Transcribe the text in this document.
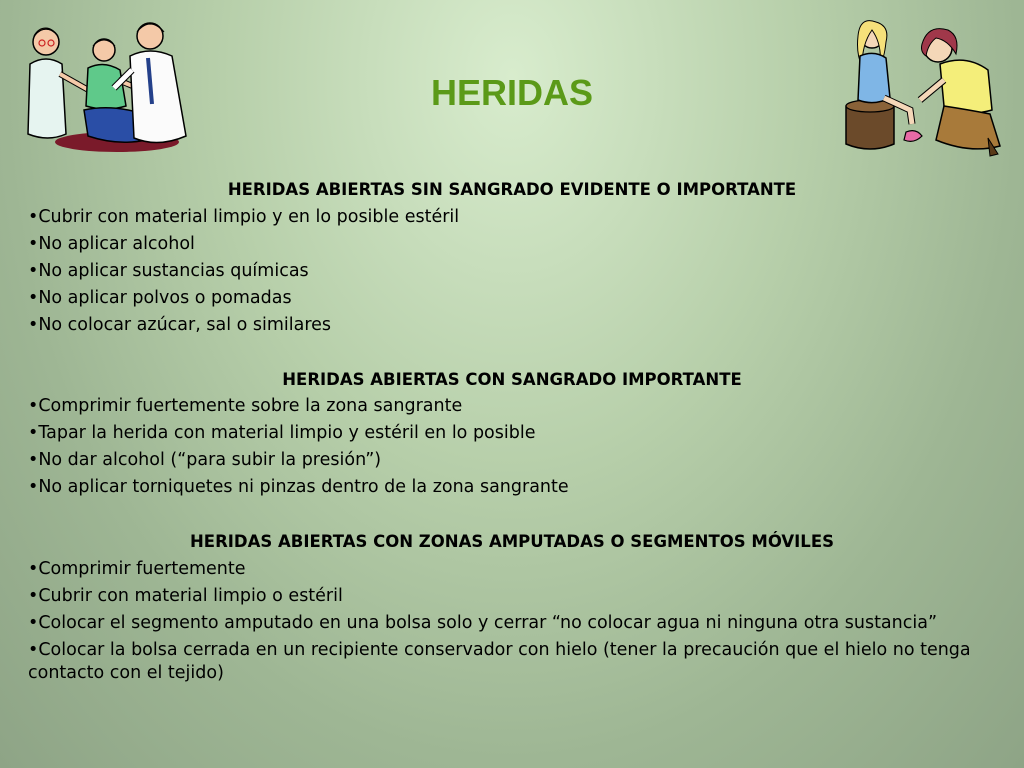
HERIDAS

HERIDAS ABIERTAS SIN SANGRADO EVIDENTE O IMPORTANTE

•Cubrir con material limpio y en lo posible estéril

•No aplicar alcohol

•No aplicar sustancias químicas

•No aplicar polvos o pomadas

•No colocar azúcar, sal o similares

HERIDAS ABIERTAS CON SANGRADO IMPORTANTE

•Comprimir fuertemente sobre la zona sangrante

•Tapar la herida con material limpio y estéril en lo posible

•No dar alcohol (“para subir la presión”)

•No aplicar torniquetes ni pinzas dentro de la zona sangrante

HERIDAS ABIERTAS CON ZONAS AMPUTADAS O SEGMENTOS MÓVILES

•Comprimir fuertemente

•Cubrir con material limpio o estéril

•Colocar el segmento amputado en una bolsa solo y cerrar “no colocar agua ni ninguna otra sustancia”

•Colocar la bolsa cerrada en un recipiente conservador con hielo (tener la precaución que el hielo no tenga contacto con el tejido)
